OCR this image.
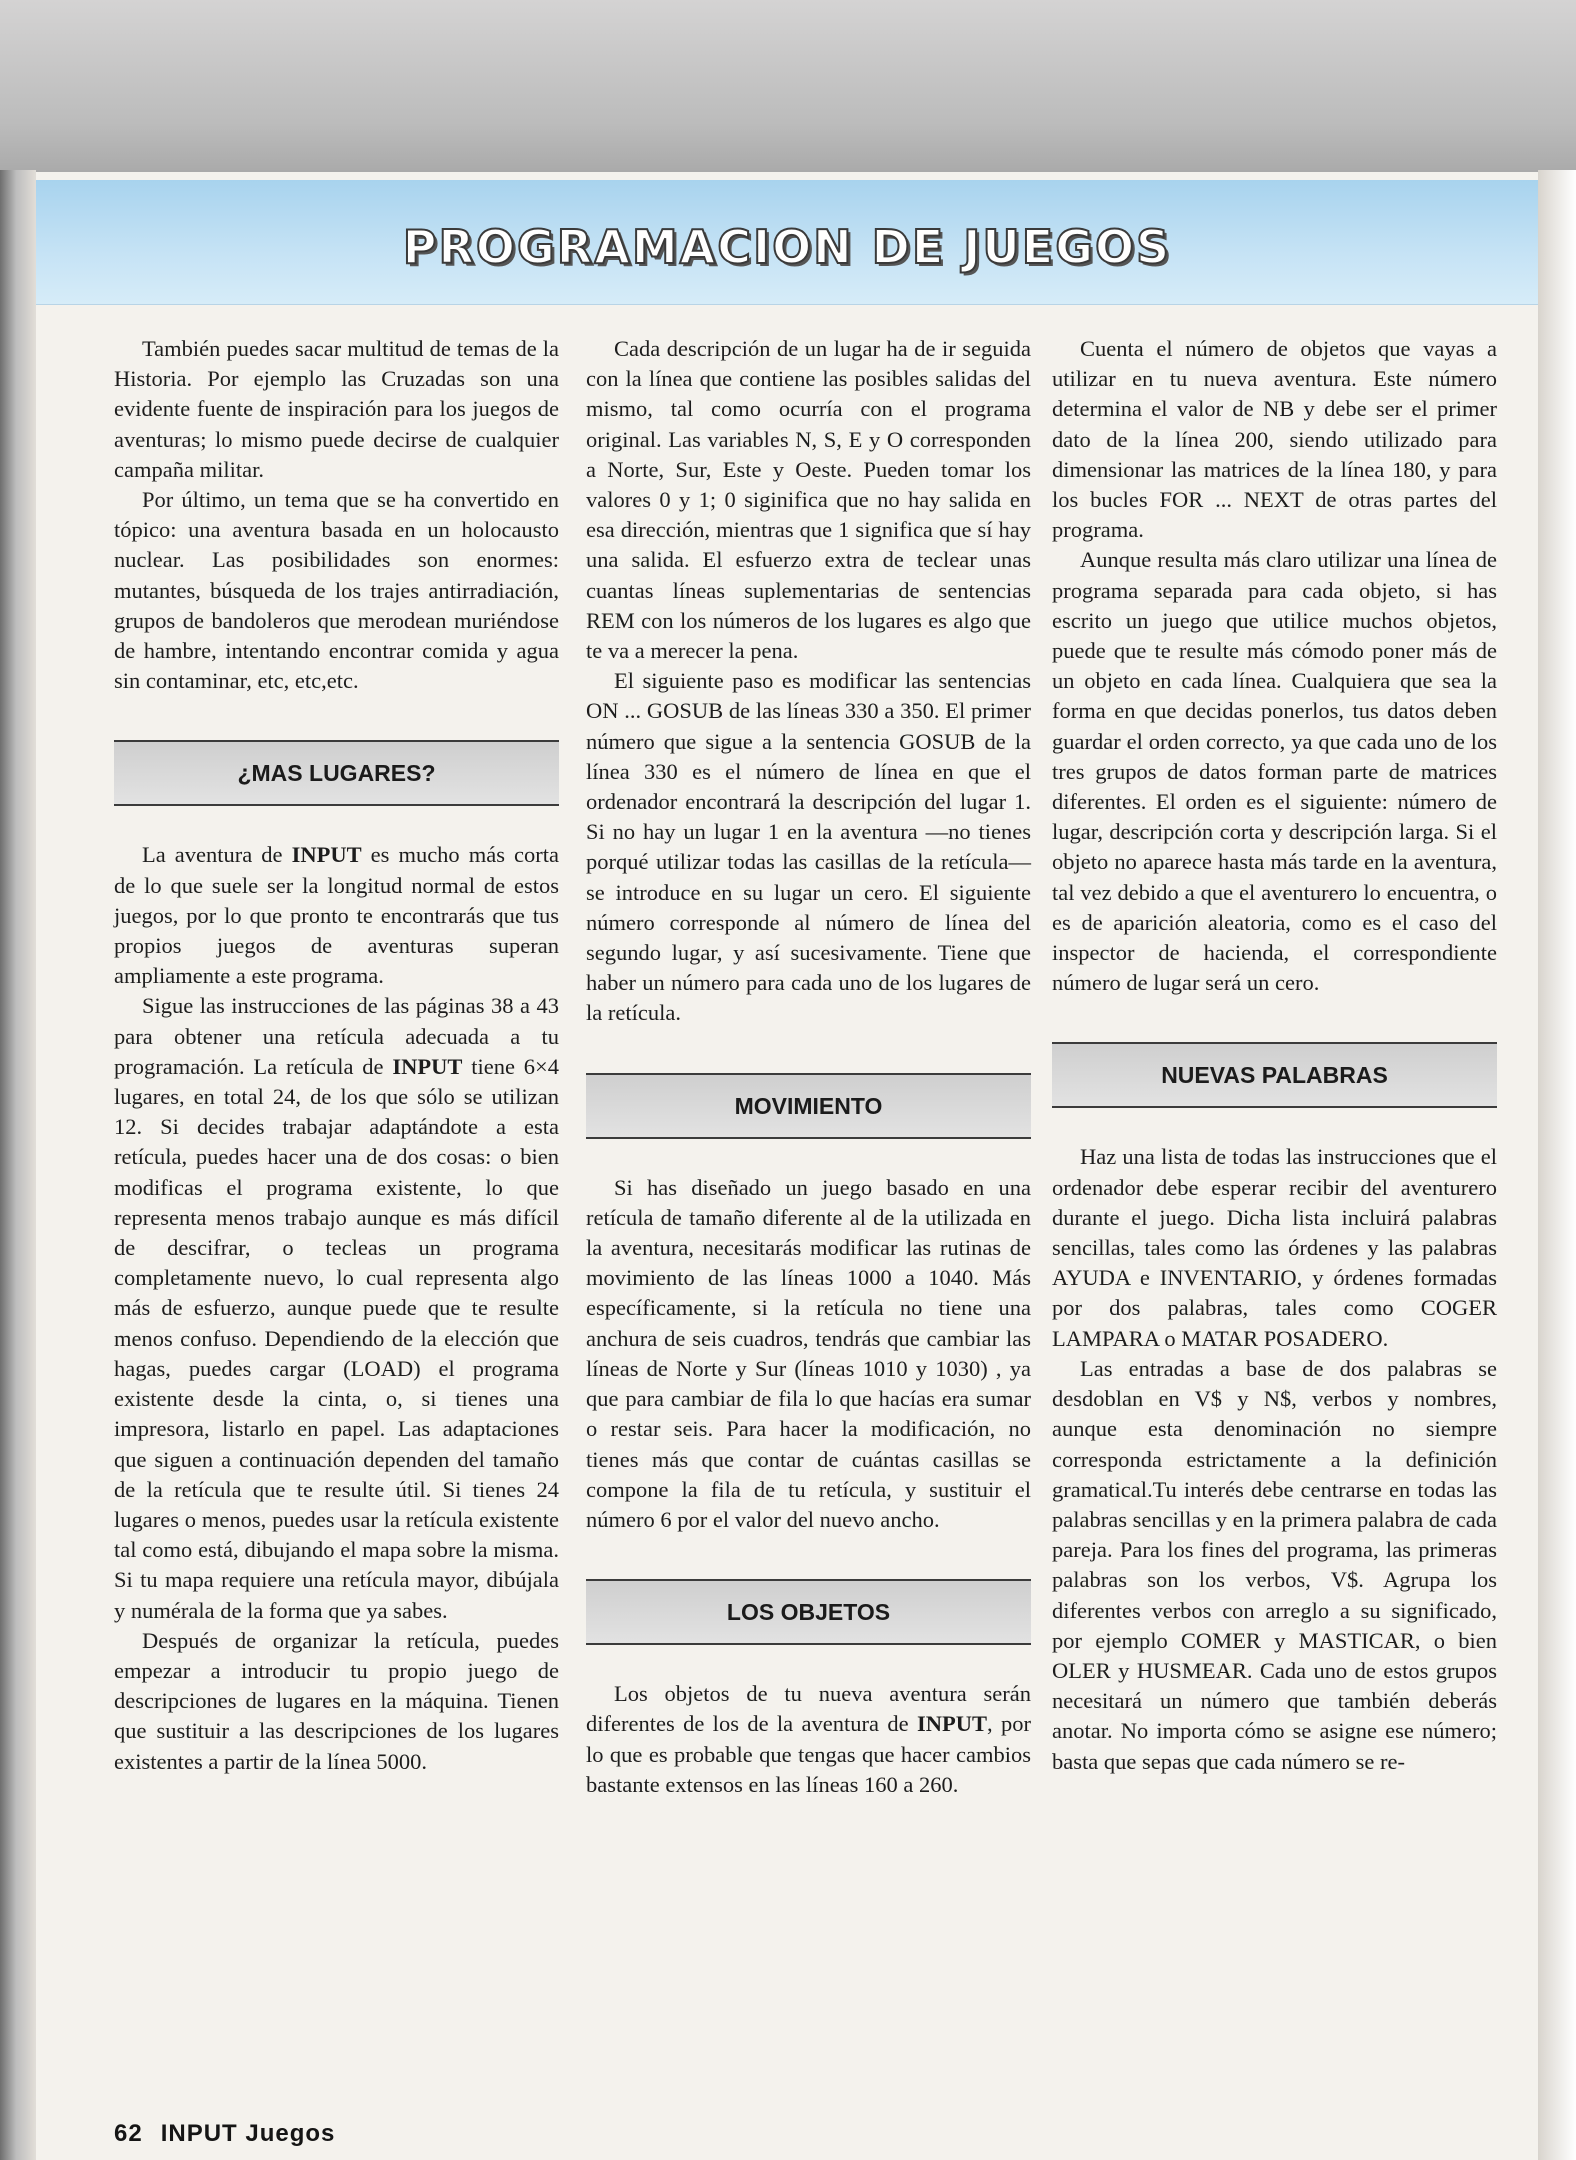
PROGRAMACION DE JUEGOS

También puedes sacar multitud de temas de la Historia. Por ejemplo las Cruzadas son una evidente fuente de inspiración para los juegos de aventuras; lo mismo puede decirse de cualquier campaña militar.

Por último, un tema que se ha convertido en tópico: una aventura basada en un holocausto nuclear. Las posibilidades son enormes: mutantes, búsqueda de los trajes antirradiación, grupos de bandoleros que merodean muriéndose de hambre, intentando encontrar comida y agua sin contaminar, etc, etc,etc.

¿MAS LUGARES?

La aventura de INPUT es mucho más corta de lo que suele ser la longitud normal de estos juegos, por lo que pronto te encontrarás que tus propios juegos de aventuras superan ampliamente a este programa.

Sigue las instrucciones de las páginas 38 a 43 para obtener una retícula adecuada a tu programación. La retícula de INPUT tiene 6×4 lugares, en total 24, de los que sólo se utilizan 12. Si decides trabajar adaptándote a esta retícula, puedes hacer una de dos cosas: o bien modificas el programa existente, lo que representa menos trabajo aunque es más difícil de descifrar, o tecleas un programa completamente nuevo, lo cual representa algo más de esfuerzo, aunque puede que te resulte menos confuso. Dependiendo de la elección que hagas, puedes cargar (LOAD) el programa existente desde la cinta, o, si tienes una impresora, listarlo en papel. Las adaptaciones que siguen a continuación dependen del tamaño de la retícula que te resulte útil. Si tienes 24 lugares o menos, puedes usar la retícula existente tal como está, dibujando el mapa sobre la misma. Si tu mapa requiere una retícula mayor, dibújala y numérala de la forma que ya sabes.

Después de organizar la retícula, puedes empezar a introducir tu propio juego de descripciones de lugares en la máquina. Tienen que sustituir a las descripciones de los lugares existentes a partir de la línea 5000.

Cada descripción de un lugar ha de ir seguida con la línea que contiene las posibles salidas del mismo, tal como ocurría con el programa original. Las variables N, S, E y O corresponden a Norte, Sur, Este y Oeste. Pueden tomar los valores 0 y 1; 0 siginifica que no hay salida en esa dirección, mientras que 1 significa que sí hay una salida. El esfuerzo extra de teclear unas cuantas líneas suplementarias de sentencias REM con los números de los lugares es algo que te va a merecer la pena.

El siguiente paso es modificar las sentencias ON ... GOSUB de las líneas 330 a 350. El primer número que sigue a la sentencia GOSUB de la línea 330 es el número de línea en que el ordenador encontrará la descripción del lugar 1. Si no hay un lugar 1 en la aventura —no tienes porqué utilizar todas las casillas de la retícula— se introduce en su lugar un cero. El siguiente número corresponde al número de línea del segundo lugar, y así sucesivamente. Tiene que haber un número para cada uno de los lugares de la retícula.

MOVIMIENTO

Si has diseñado un juego basado en una retícula de tamaño diferente al de la utilizada en la aventura, necesitarás modificar las rutinas de movimiento de las líneas 1000 a 1040. Más específicamente, si la retícula no tiene una anchura de seis cuadros, tendrás que cambiar las líneas de Norte y Sur (líneas 1010 y 1030) , ya que para cambiar de fila lo que hacías era sumar o restar seis. Para hacer la modificación, no tienes más que contar de cuántas casillas se compone la fila de tu retícula, y sustituir el número 6 por el valor del nuevo ancho.

LOS OBJETOS

Los objetos de tu nueva aventura serán diferentes de los de la aventura de INPUT, por lo que es probable que tengas que hacer cambios bastante extensos en las líneas 160 a 260.

Cuenta el número de objetos que vayas a utilizar en tu nueva aventura. Este número determina el valor de NB y debe ser el primer dato de la línea 200, siendo utilizado para dimensionar las matrices de la línea 180, y para los bucles FOR ... NEXT de otras partes del programa.

Aunque resulta más claro utilizar una línea de programa separada para cada objeto, si has escrito un juego que utilice muchos objetos, puede que te resulte más cómodo poner más de un objeto en cada línea. Cualquiera que sea la forma en que decidas ponerlos, tus datos deben guardar el orden correcto, ya que cada uno de los tres grupos de datos forman parte de matrices diferentes. El orden es el siguiente: número de lugar, descripción corta y descripción larga. Si el objeto no aparece hasta más tarde en la aventura, tal vez debido a que el aventurero lo encuentra, o es de aparición aleatoria, como es el caso del inspector de hacienda, el correspondiente número de lugar será un cero.

NUEVAS PALABRAS

Haz una lista de todas las instrucciones que el ordenador debe esperar recibir del aventurero durante el juego. Dicha lista incluirá palabras sencillas, tales como las órdenes y las palabras AYUDA e INVENTARIO, y órdenes formadas por dos palabras, tales como COGER LAMPARA o MATAR POSADERO.

Las entradas a base de dos palabras se desdoblan en V$ y N$, verbos y nombres, aunque esta denominación no siempre corresponda estrictamente a la definición gramatical.Tu interés debe centrarse en todas las palabras sencillas y en la primera palabra de cada pareja. Para los fines del programa, las primeras palabras son los verbos, V$. Agrupa los diferentes verbos con arreglo a su significado, por ejemplo COMER y MASTICAR, o bien OLER y HUSMEAR. Cada uno de estos grupos necesitará un número que también deberás anotar. No importa cómo se asigne ese número; basta que sepas que cada número se re-

62 INPUT Juegos
